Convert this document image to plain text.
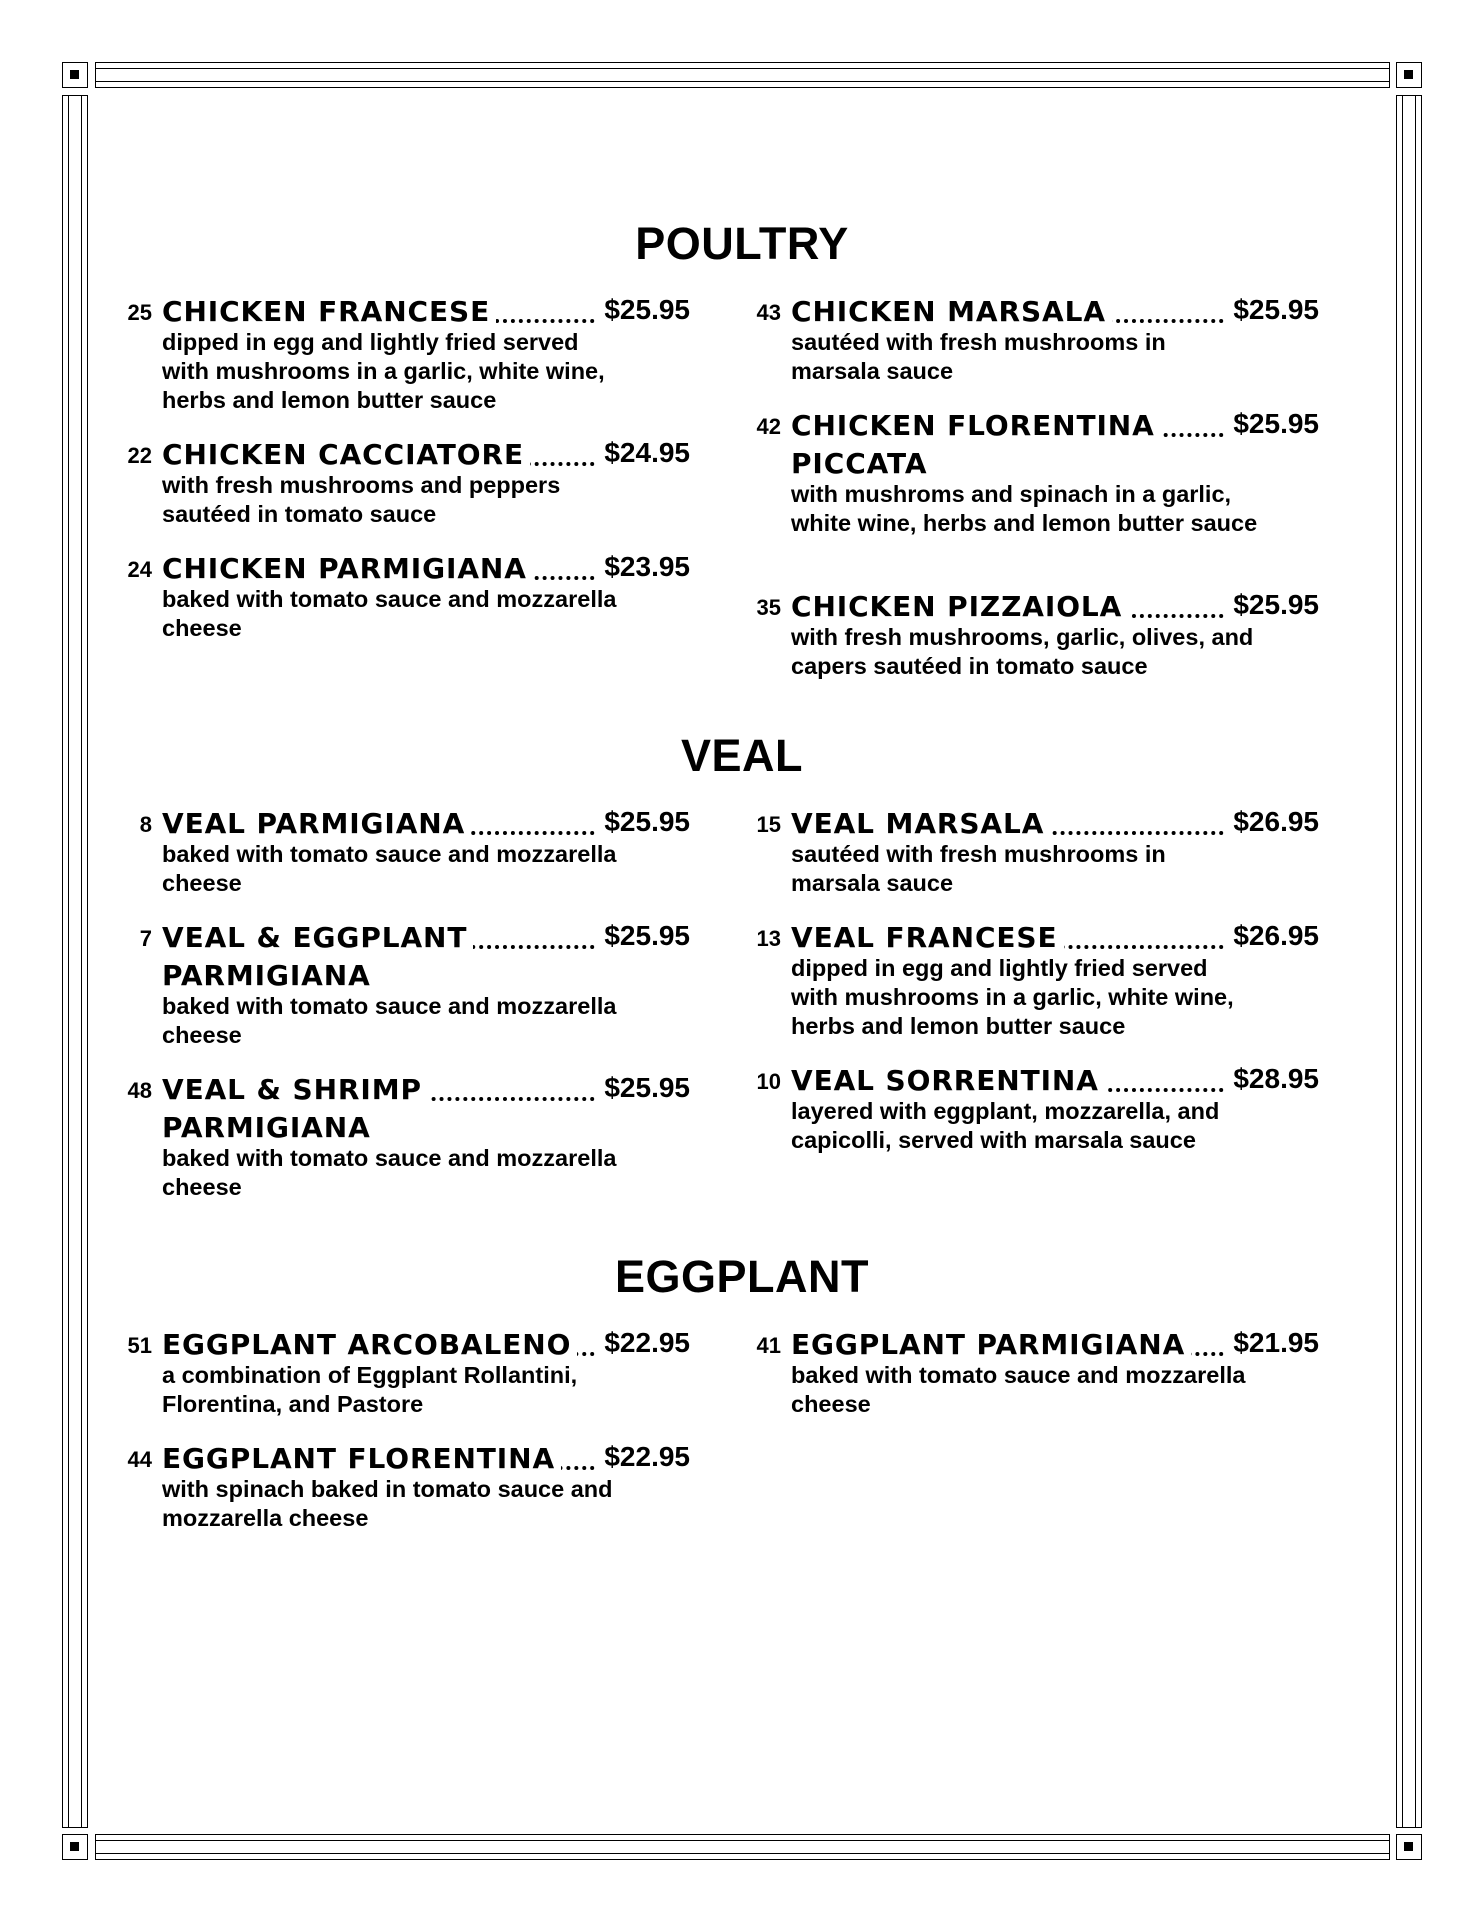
POULTRY
25 CHICKEN FRANCESE	$25.95
dipped in egg and lightly fried served with mushrooms in a garlic, white wine, herbs and lemon butter sauce
22 CHICKEN CACCIATORE	$24.95
with fresh mushrooms and peppers sautéed in tomato sauce
24 CHICKEN PARMIGIANA	$23.95
baked with tomato sauce and mozzarella cheese
43 CHICKEN MARSALA	$25.95
sautéed with fresh mushrooms in marsala sauce
42 CHICKEN FLORENTINA	$25.95
PICCATA
with mushroms and spinach in a garlic, white wine, herbs and lemon butter sauce
35 CHICKEN PIZZAIOLA	$25.95
with fresh mushrooms, garlic, olives, and capers sautéed in tomato sauce
VEAL
8 VEAL PARMIGIANA	$25.95
baked with tomato sauce and mozzarella cheese
7 VEAL & EGGPLANT	$25.95
PARMIGIANA
baked with tomato sauce and mozzarella cheese
48 VEAL & SHRIMP	$25.95
PARMIGIANA
baked with tomato sauce and mozzarella cheese
15 VEAL MARSALA	$26.95
sautéed with fresh mushrooms in marsala sauce
13 VEAL FRANCESE	$26.95
dipped in egg and lightly fried served with mushrooms in a garlic, white wine, herbs and lemon butter sauce
10 VEAL SORRENTINA	$28.95
layered with eggplant, mozzarella, and capicolli, served with marsala sauce
EGGPLANT
51 EGGPLANT ARCOBALENO $22.95
a combination of Eggplant Rollantini, Florentina, and Pastore
44 EGGPLANT FLORENTINA $22.95
with spinach baked in tomato sauce and mozzarella cheese
41 EGGPLANT PARMIGIANA $21.95
baked with tomato sauce and mozzarella cheese
